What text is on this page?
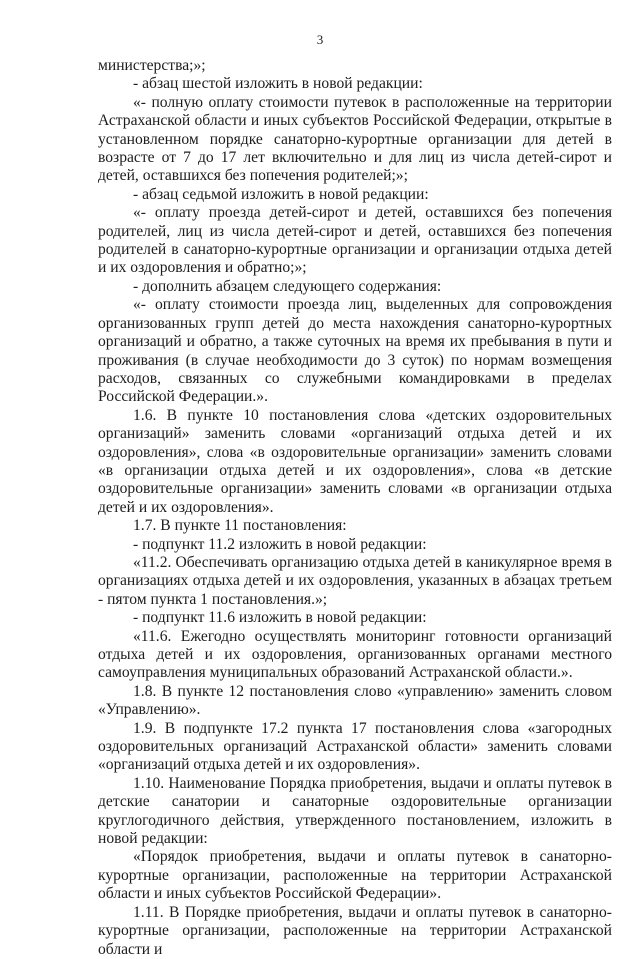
3

министерства;»;

- абзац шестой изложить в новой редакции:

«- полную оплату стоимости путевок в расположенные на территории Астраханской области и иных субъектов Российской Федерации, открытые в установленном порядке санаторно-курортные организации для детей в возрасте от 7 до 17 лет включительно и для лиц из числа детей-сирот и детей, оставшихся без попечения родителей;»;

- абзац седьмой изложить в новой редакции:

«- оплату проезда детей-сирот и детей, оставшихся без попечения родителей, лиц из числа детей-сирот и детей, оставшихся без попечения родителей в санаторно-курортные организации и организации отдыха детей и их оздоровления и обратно;»;

- дополнить абзацем следующего содержания:

«- оплату стоимости проезда лиц, выделенных для сопровождения организованных групп детей до места нахождения санаторно-курортных организаций и обратно, а также суточных на время их пребывания в пути и проживания (в случае необходимости до 3 суток) по нормам возмещения расходов, связанных со служебными командировками в пределах Российской Федерации.».

1.6. В пункте 10 постановления слова «детских оздоровительных организаций» заменить словами «организаций отдыха детей и их оздоровления», слова «в оздоровительные организации» заменить словами «в организации отдыха детей и их оздоровления», слова «в детские оздоровительные организации» заменить словами «в организации отдыха детей и их оздоровления».

1.7. В пункте 11 постановления:

- подпункт 11.2 изложить в новой редакции:

«11.2. Обеспечивать организацию отдыха детей в каникулярное время в организациях отдыха детей и их оздоровления, указанных в абзацах третьем - пятом пункта 1 постановления.»;

- подпункт 11.6 изложить в новой редакции:

«11.6. Ежегодно осуществлять мониторинг готовности организаций отдыха детей и их оздоровления, организованных органами местного самоуправления муниципальных образований Астраханской области.».

1.8. В пункте 12 постановления слово «управлению» заменить словом «Управлению».

1.9. В подпункте 17.2 пункта 17 постановления слова «загородных оздоровительных организаций Астраханской области» заменить словами «организаций отдыха детей и их оздоровления».

1.10. Наименование Порядка приобретения, выдачи и оплаты путевок в детские санатории и санаторные оздоровительные организации круглогодичного действия, утвержденного постановлением, изложить в новой редакции:

«Порядок приобретения, выдачи и оплаты путевок в санаторно-курортные организации, расположенные на территории Астраханской области и иных субъектов Российской Федерации».

1.11. В Порядке приобретения, выдачи и оплаты путевок в санаторно-курортные организации, расположенные на территории Астраханской области и
